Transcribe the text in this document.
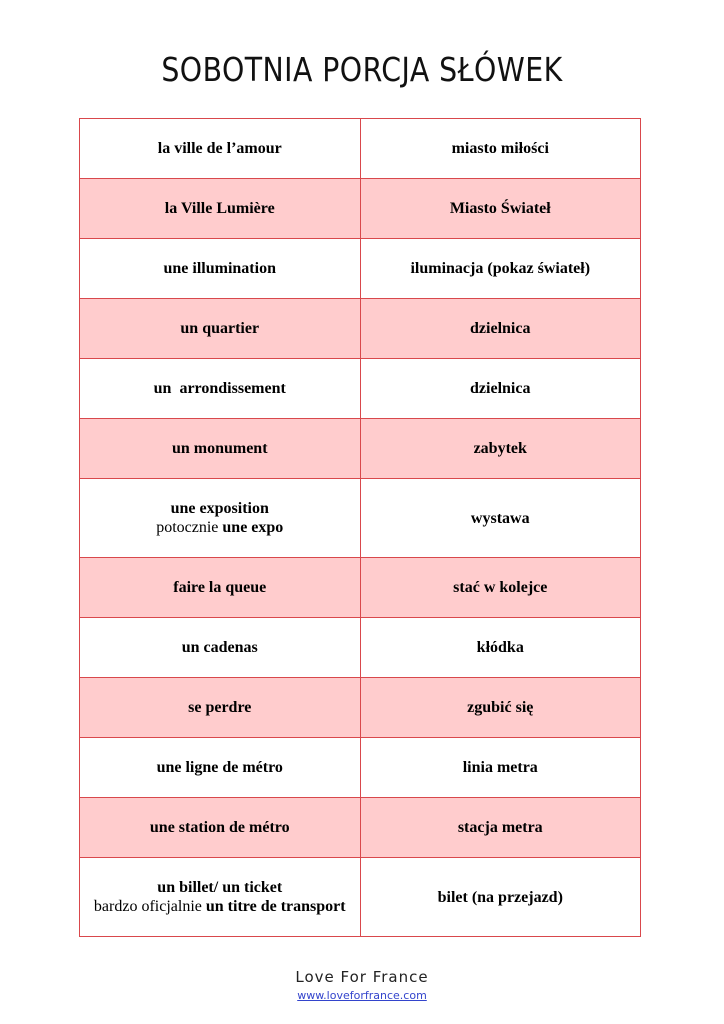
SOBOTNIA PORCJA SŁÓWEK
la ville de l’amour	miasto miłości
la Ville Lumière	Miasto Świateł
une illumination	iluminacja (pokaz świateł)
un quartier	dzielnica
un  arrondissement	dzielnica
un monument	zabytek
une exposition
potocznie une expo	wystawa
faire la queue	stać w kolejce
un cadenas	kłódka
se perdre	zgubić się
une ligne de métro	linia metra
une station de métro	stacja metra
un billet/ un ticket
bardzo oficjalnie un titre de transport	bilet (na przejazd)
Love For France
www.loveforfrance.com
